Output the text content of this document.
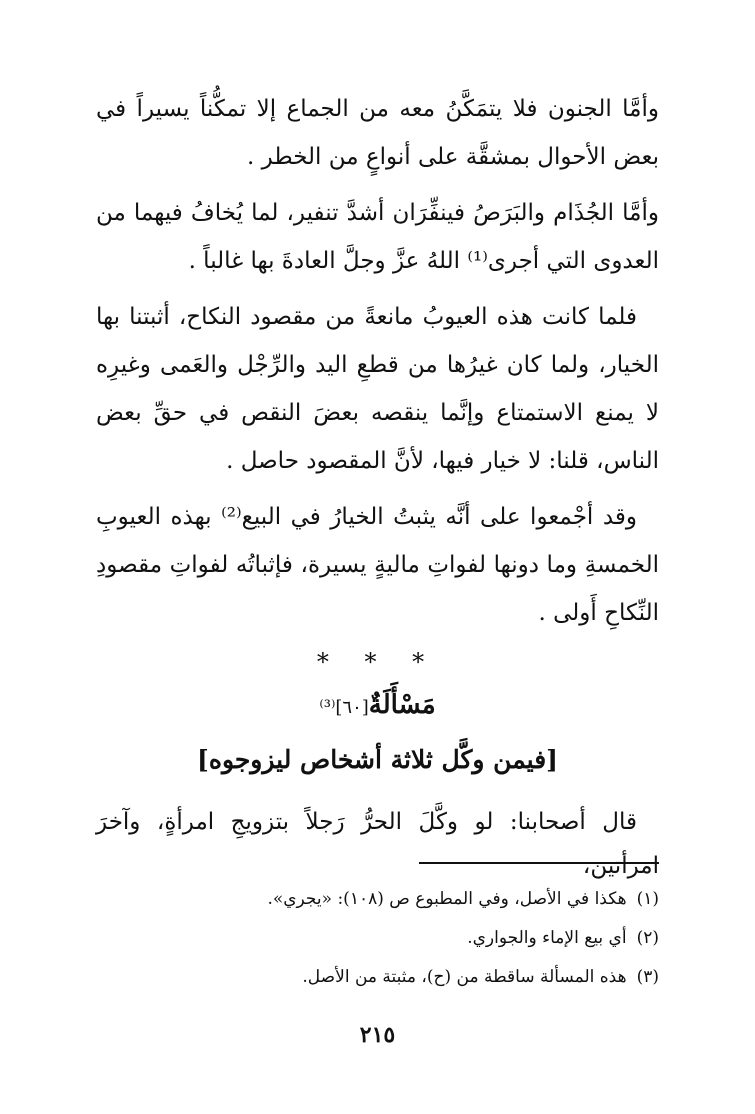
وأمَّا الجنون فلا يتمَكَّنُ معه من الجماع إلا تمكُّناً يسيراً في بعض الأحوال بمشقَّة على أنواعٍ من الخطر .

وأمَّا الجُذَام والبَرَصُ فينفِّرَان أشدَّ تنفير، لما يُخافُ فيهما من العدوى التي أجرى⁽¹⁾ اللهُ عزَّ وجلَّ العادةَ بها غالباً .

فلما كانت هذه العيوبُ مانعةً من مقصود النكاح، أثبتنا بها الخيار، ولما كان غيرُها من قطعِ اليد والرِّجْل والعَمى وغيرِه لا يمنع الاستمتاع وإنَّما ينقصه بعضَ النقص في حقِّ بعض الناس، قلنا: لا خيار فيها، لأنَّ المقصود حاصل .

وقد أجْمعوا على أنَّه يثبتُ الخيارُ في البيع⁽²⁾ بهذه العيوبِ الخمسةِ وما دونها لفواتِ ماليةٍ يسيرة، فإثباتُه لفواتِ مقصودِ النِّكاحِ أَولى .

* * *
مَسْأَلَةٌ[٦٠]⁽³⁾
[فيمن وكَّل ثلاثة أشخاص ليزوجوه]

قال أصحابنا: لو وكَّلَ الحرُّ رَجلاً بتزويجِ امرأةٍ، وآخرَ امرأتين،

(١)هكذا في الأصل، وفي المطبوع ص (١٠٨): «يجري».

(٢)أي بيع الإماء والجواري.

(٣)هذه المسألة ساقطة من (ح)، مثبتة من الأصل.

٢١٥
